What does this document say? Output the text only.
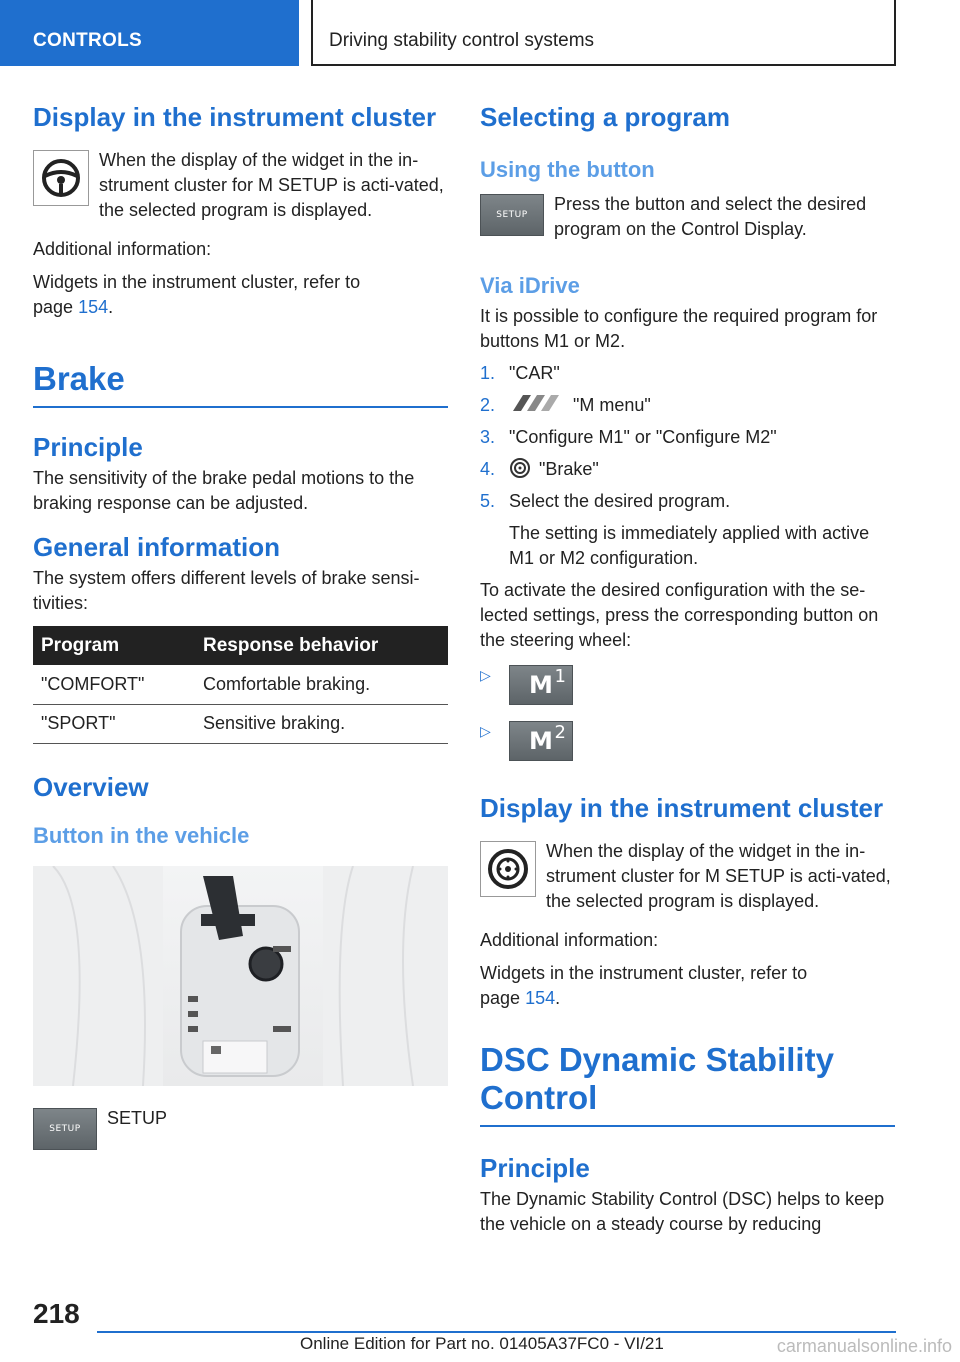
CONTROLS	Driving stability control systems
Display in the instrument cluster
When the display of the widget in the in-strument cluster for M SETUP is acti-vated, the selected program is displayed.
Additional information:
Widgets in the instrument cluster, refer to
page 154.
Brake
Principle
The sensitivity of the brake pedal motions to the braking response can be adjusted.
General information
The system offers different levels of brake sensi-tivities:
Program	Response behavior
"COMFORT"	Comfortable braking.
"SPORT"	Sensitive braking.
Overview
Button in the vehicle
SETUP
SETUP
Selecting a program
Using the button
SETUP
Press the button and select the desired program on the Control Display.
Via iDrive
It is possible to configure the required program for buttons M1 or M2.
1. "CAR"
2.	"M menu"
3. "Configure M1" or "Configure M2"
4.	"Brake"
5. Select the desired program.
The setting is immediately applied with active M1 or M2 configuration.
To activate the desired configuration with the se-lected settings, press the corresponding button on the steering wheel:
▷	M 1
▷	M 2
Display in the instrument cluster
When the display of the widget in the in-strument cluster for M SETUP is acti-vated, the selected program is displayed.
Additional information:
Widgets in the instrument cluster, refer to
page 154.
DSC Dynamic Stability Control
Principle
The Dynamic Stability Control (DSC) helps to keep the vehicle on a steady course by reducing
218
Online Edition for Part no. 01405A37FC0 - VI/21	carmanualsonline.info
